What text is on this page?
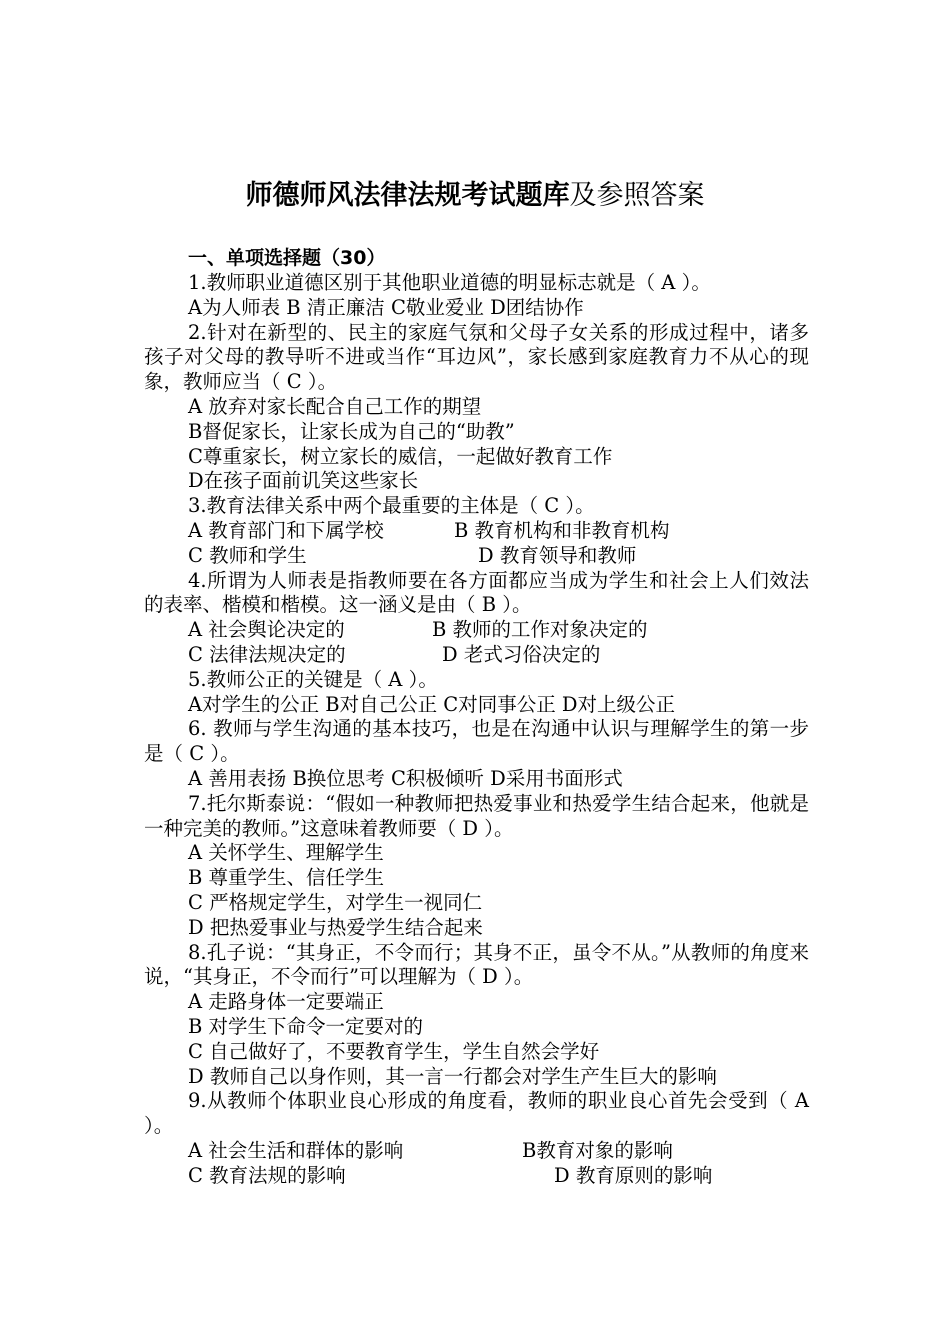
师德师风法律法规考试题库及参照答案
一、单项选择题（30）
1.教师职业道德区别于其他职业道德的明显标志就是（ A ）。
A为人师表 B 清正廉洁 C敬业爱业 D团结协作
2.针对在新型的、民主的家庭气氛和父母子女关系的形成过程中，诸多孩子对父母的教导听不进或当作“耳边风”，家长感到家庭教育力不从心的现象，教师应当（ C ）。
A 放弃对家长配合自己工作的期望
B督促家长，让家长成为自己的“助教”
C尊重家长，树立家长的威信，一起做好教育工作
D在孩子面前讥笑这些家长
3.教育法律关系中两个最重要的主体是（ C ）。
A 教育部门和下属学校	B 教育机构和非教育机构
C 教师和学生	D 教育领导和教师
4.所谓为人师表是指教师要在各方面都应当成为学生和社会上人们效法的表率、楷模和楷模。这一涵义是由（ B ）。
A 社会舆论决定的	B 教师的工作对象决定的
C 法律法规决定的	D 老式习俗决定的
5.教师公正的关键是（ A ）。
A对学生的公正 B对自己公正 C对同事公正 D对上级公正
6. 教师与学生沟通的基本技巧，也是在沟通中认识与理解学生的第一步是（ C ）。
A 善用表扬 B换位思考 C积极倾听 D采用书面形式
7.托尔斯泰说：“假如一种教师把热爱事业和热爱学生结合起来，他就是一种完美的教师。”这意味着教师要（ D ）。
A 关怀学生、理解学生
B 尊重学生、信任学生
C 严格规定学生，对学生一视同仁
D 把热爱事业与热爱学生结合起来
8.孔子说：“其身正，不令而行；其身不正，虽令不从。”从教师的角度来说，“其身正，不令而行”可以理解为（ D ）。
A 走路身体一定要端正
B 对学生下命令一定要对的
C 自己做好了，不要教育学生，学生自然会学好
D 教师自己以身作则，其一言一行都会对学生产生巨大的影响
9.从教师个体职业良心形成的角度看，教师的职业良心首先会受到（ A ）。
A 社会生活和群体的影响	B教育对象的影响
C 教育法规的影响	D 教育原则的影响
